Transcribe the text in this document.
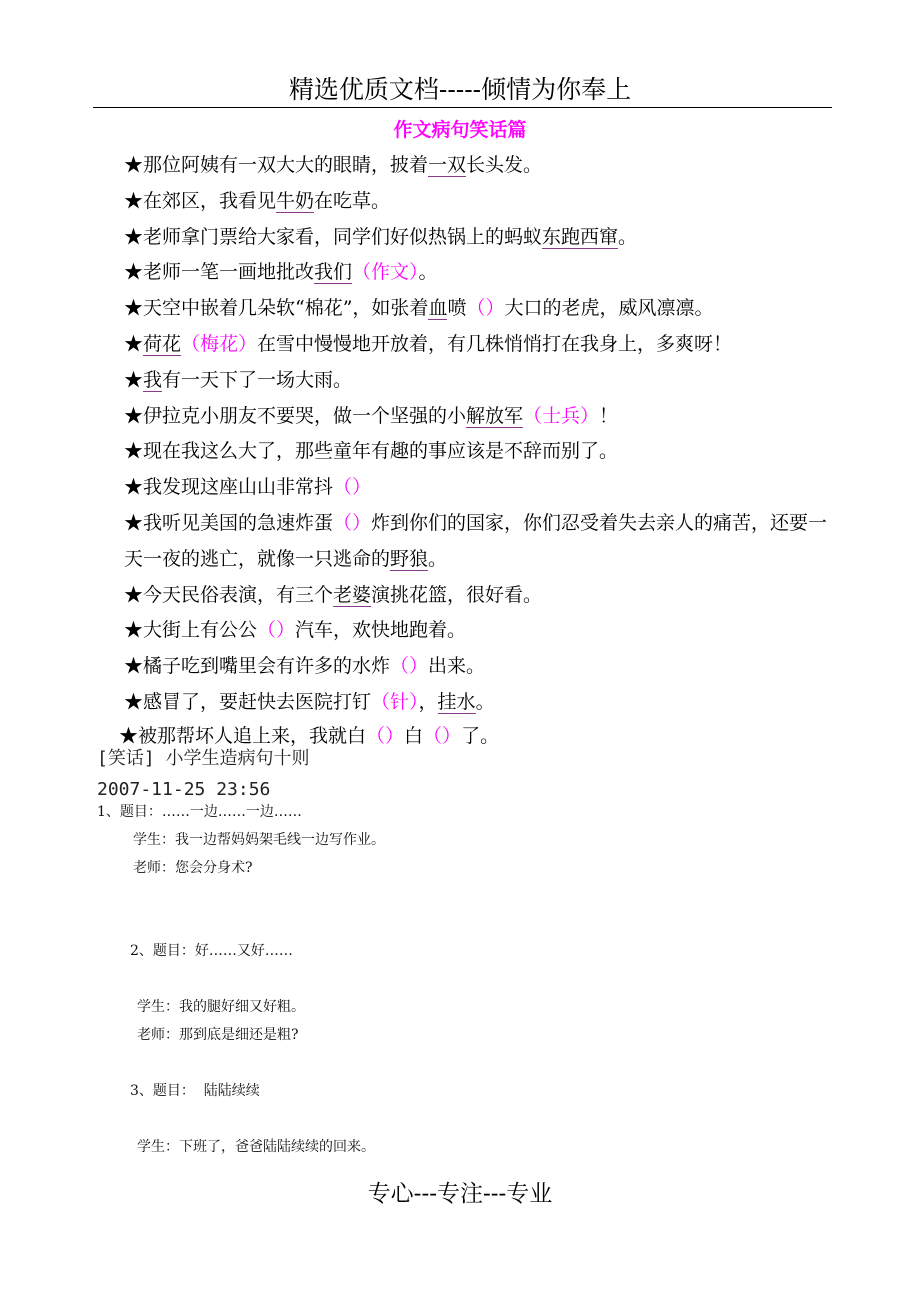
精选优质文档-----倾情为你奉上
作文病句笑话篇
★那位阿姨有一双大大的眼睛，披着一双长头发。
★在郊区，我看见牛奶在吃草。
★老师拿门票给大家看，同学们好似热锅上的蚂蚁东跑西窜。
★老师一笔一画地批改我们（作文）。
★天空中嵌着几朵软“棉花”，如张着血喷（）大口的老虎，威风凛凛。
★荷花（梅花）在雪中慢慢地开放着，有几株悄悄打在我身上，多爽呀！
★我有一天下了一场大雨。
★伊拉克小朋友不要哭，做一个坚强的小解放军（士兵）！
★现在我这么大了，那些童年有趣的事应该是不辞而别了。
★我发现这座山山非常抖（）
★我听见美国的急速炸蛋（）炸到你们的国家，你们忍受着失去亲人的痛苦，还要一天一夜的逃亡，就像一只逃命的野狼。
★今天民俗表演，有三个老婆演挑花篮，很好看。
★大街上有公公（）汽车，欢快地跑着。
★橘子吃到嘴里会有许多的水炸（）出来。
★感冒了，要赶快去医院打钉（针），挂水。
★被那帮坏人追上来，我就白（）白（）了。
[笑话] 小学生造病句十则
2007-11-25 23:56
1、题目：……一边……一边……
学生：我一边帮妈妈架毛线一边写作业。
老师：您会分身术?
2、题目：好……又好……
学生：我的腿好细又好粗。
老师：那到底是细还是粗?
3、题目：  陆陆续续
学生：下班了，爸爸陆陆续续的回来。
专心---专注---专业
